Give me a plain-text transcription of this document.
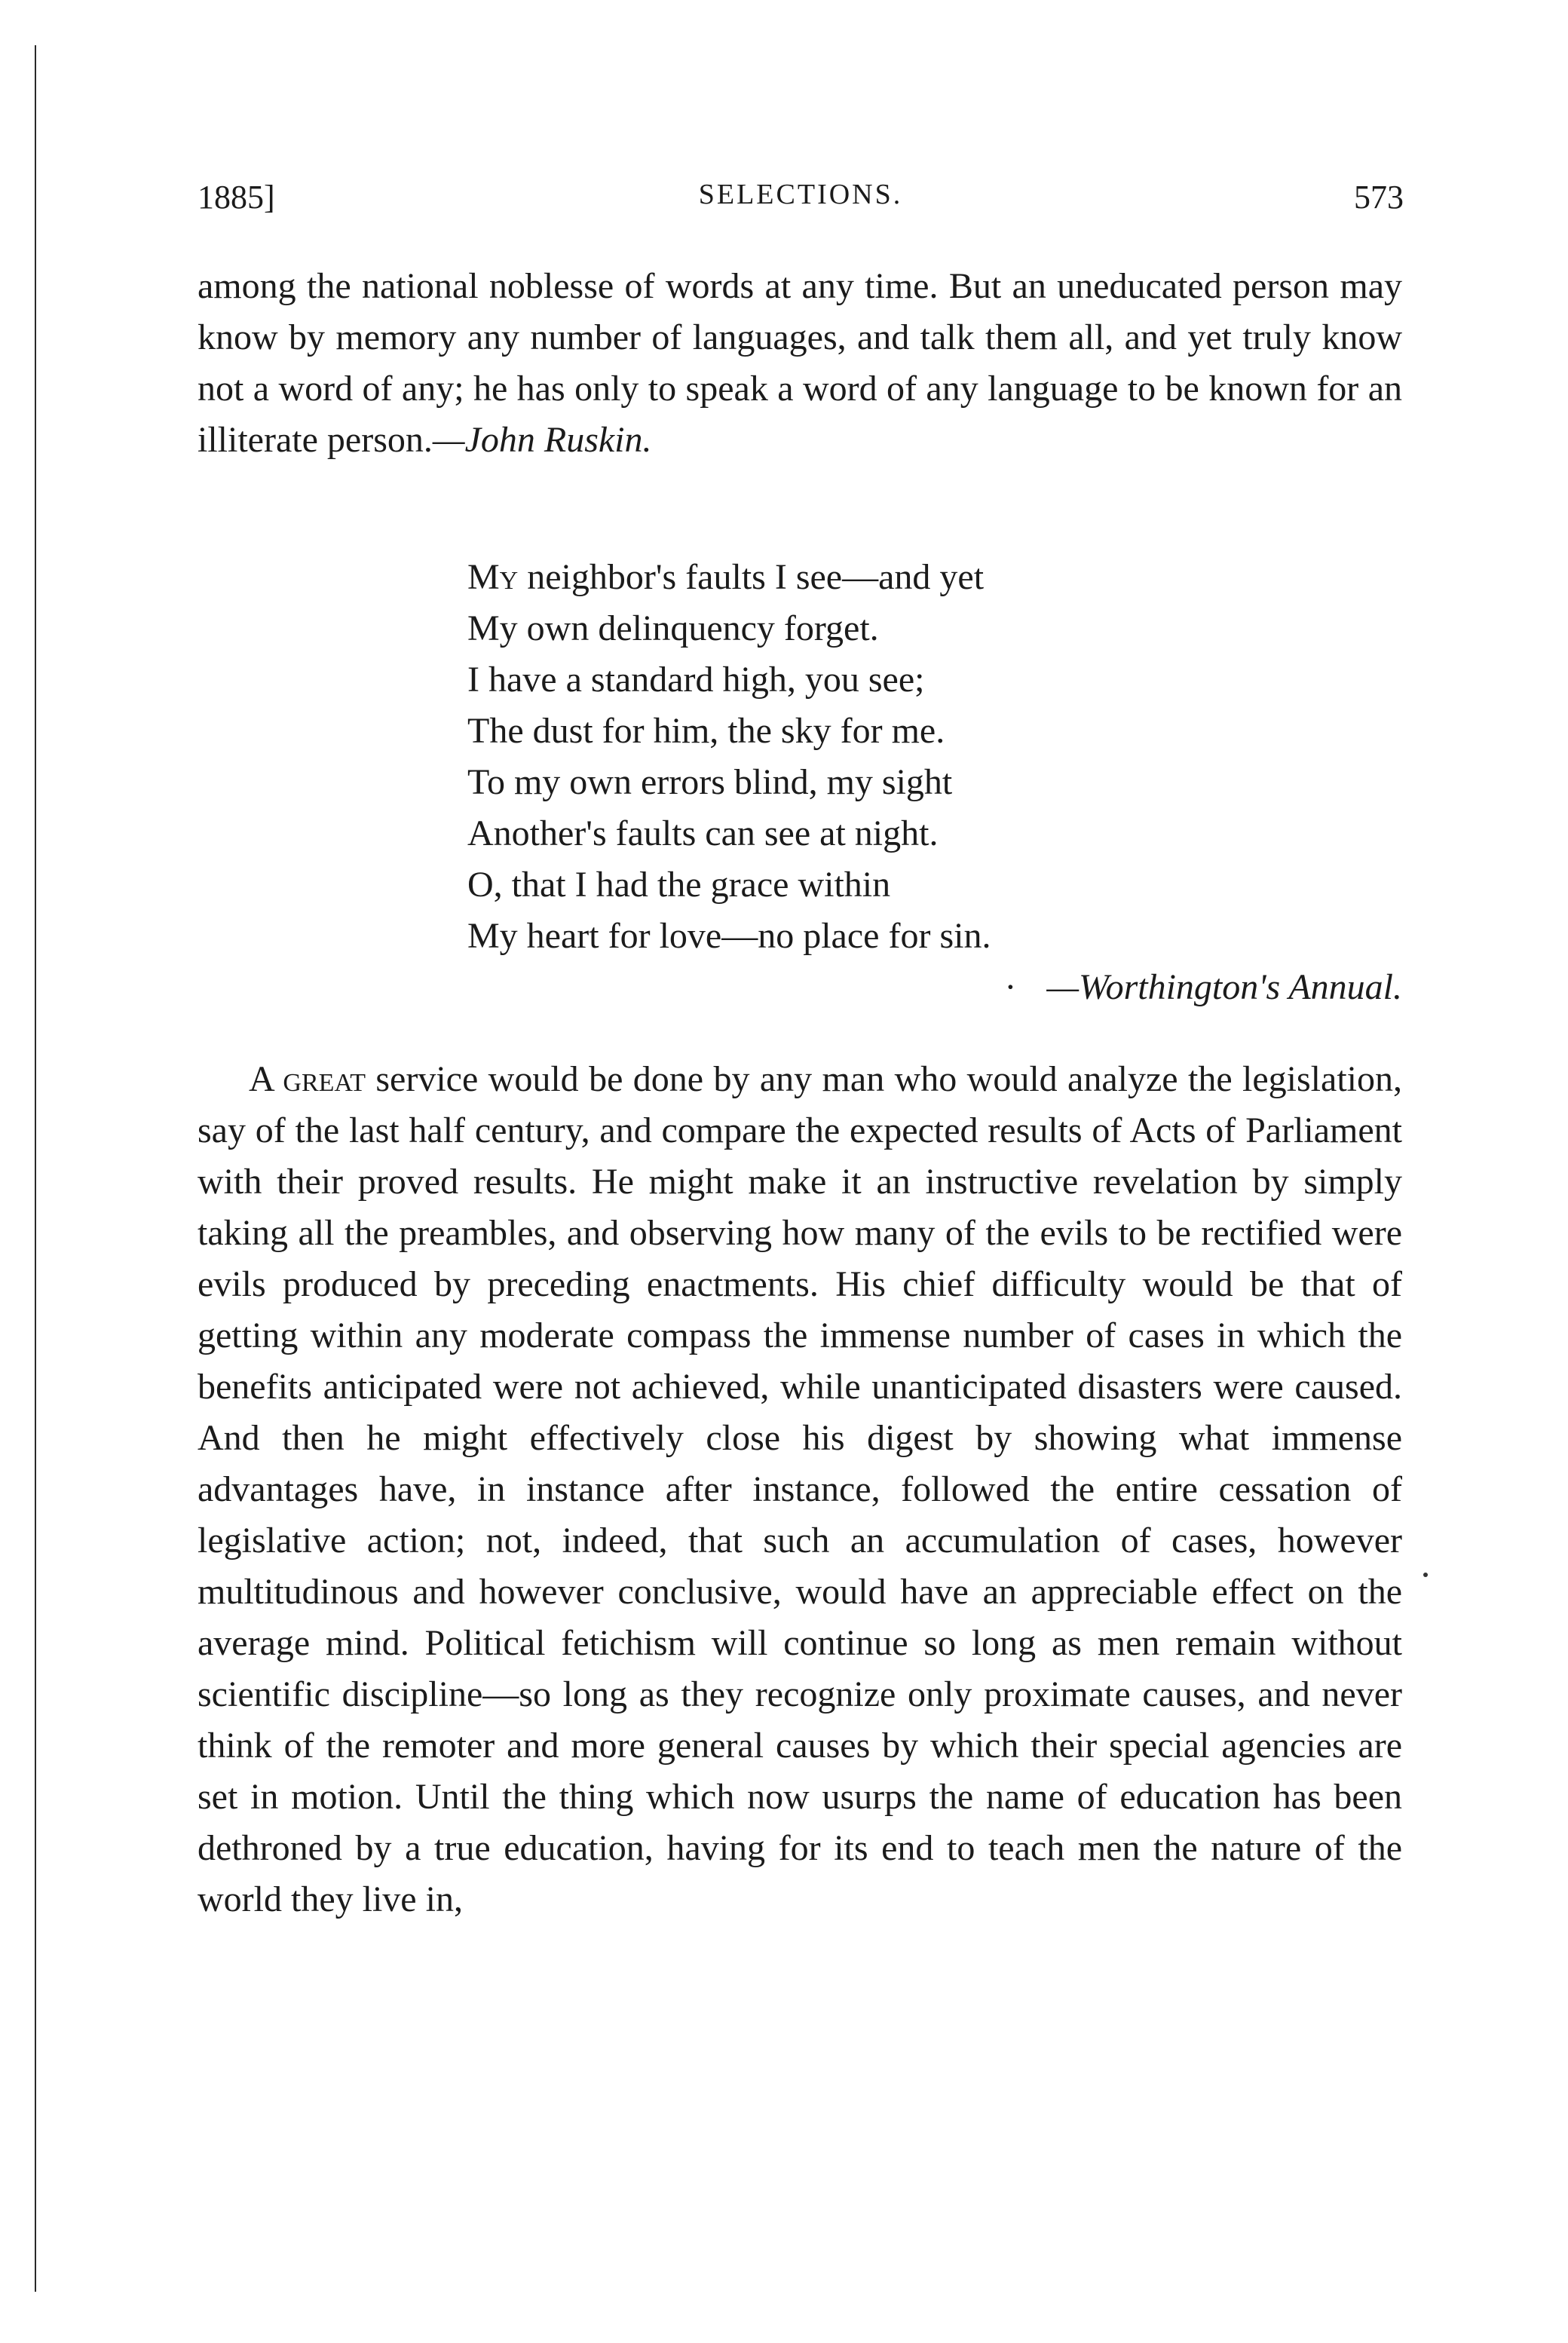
1885]	SELECTIONS.	573

among the national noblesse of words at any time. But an uneducated person may know by memory any number of languages, and talk them all, and yet truly know not a word of any; he has only to speak a word of any language to be known for an illiterate person.—John Ruskin.

My neighbor's faults I see—and yet
My own delinquency forget.
I have a standard high, you see;
The dust for him, the sky for me.
To my own errors blind, my sight
Another's faults can see at night.
O, that I had the grace within
My heart for love—no place for sin.
· —Worthington's Annual.

A great service would be done by any man who would analyze the legislation, say of the last half century, and compare the expected results of Acts of Parliament with their proved results. He might make it an instructive revelation by simply taking all the preambles, and observing how many of the evils to be rectified were evils produced by preceding enactments. His chief difficulty would be that of getting within any moderate compass the immense number of cases in which the benefits anticipated were not achieved, while unanticipated disasters were caused. And then he might effectively close his digest by showing what immense advantages have, in instance after instance, followed the entire cessation of legislative action; not, indeed, that such an accumulation of cases, however multitudinous and however conclusive, would have an appreciable effect on the average mind. Political fetichism will continue so long as men remain without scientific discipline—so long as they recognize only proximate causes, and never think of the remoter and more general causes by which their special agencies are set in motion. Until the thing which now usurps the name of education has been dethroned by a true education, having for its end to teach men the nature of the world they live in,
